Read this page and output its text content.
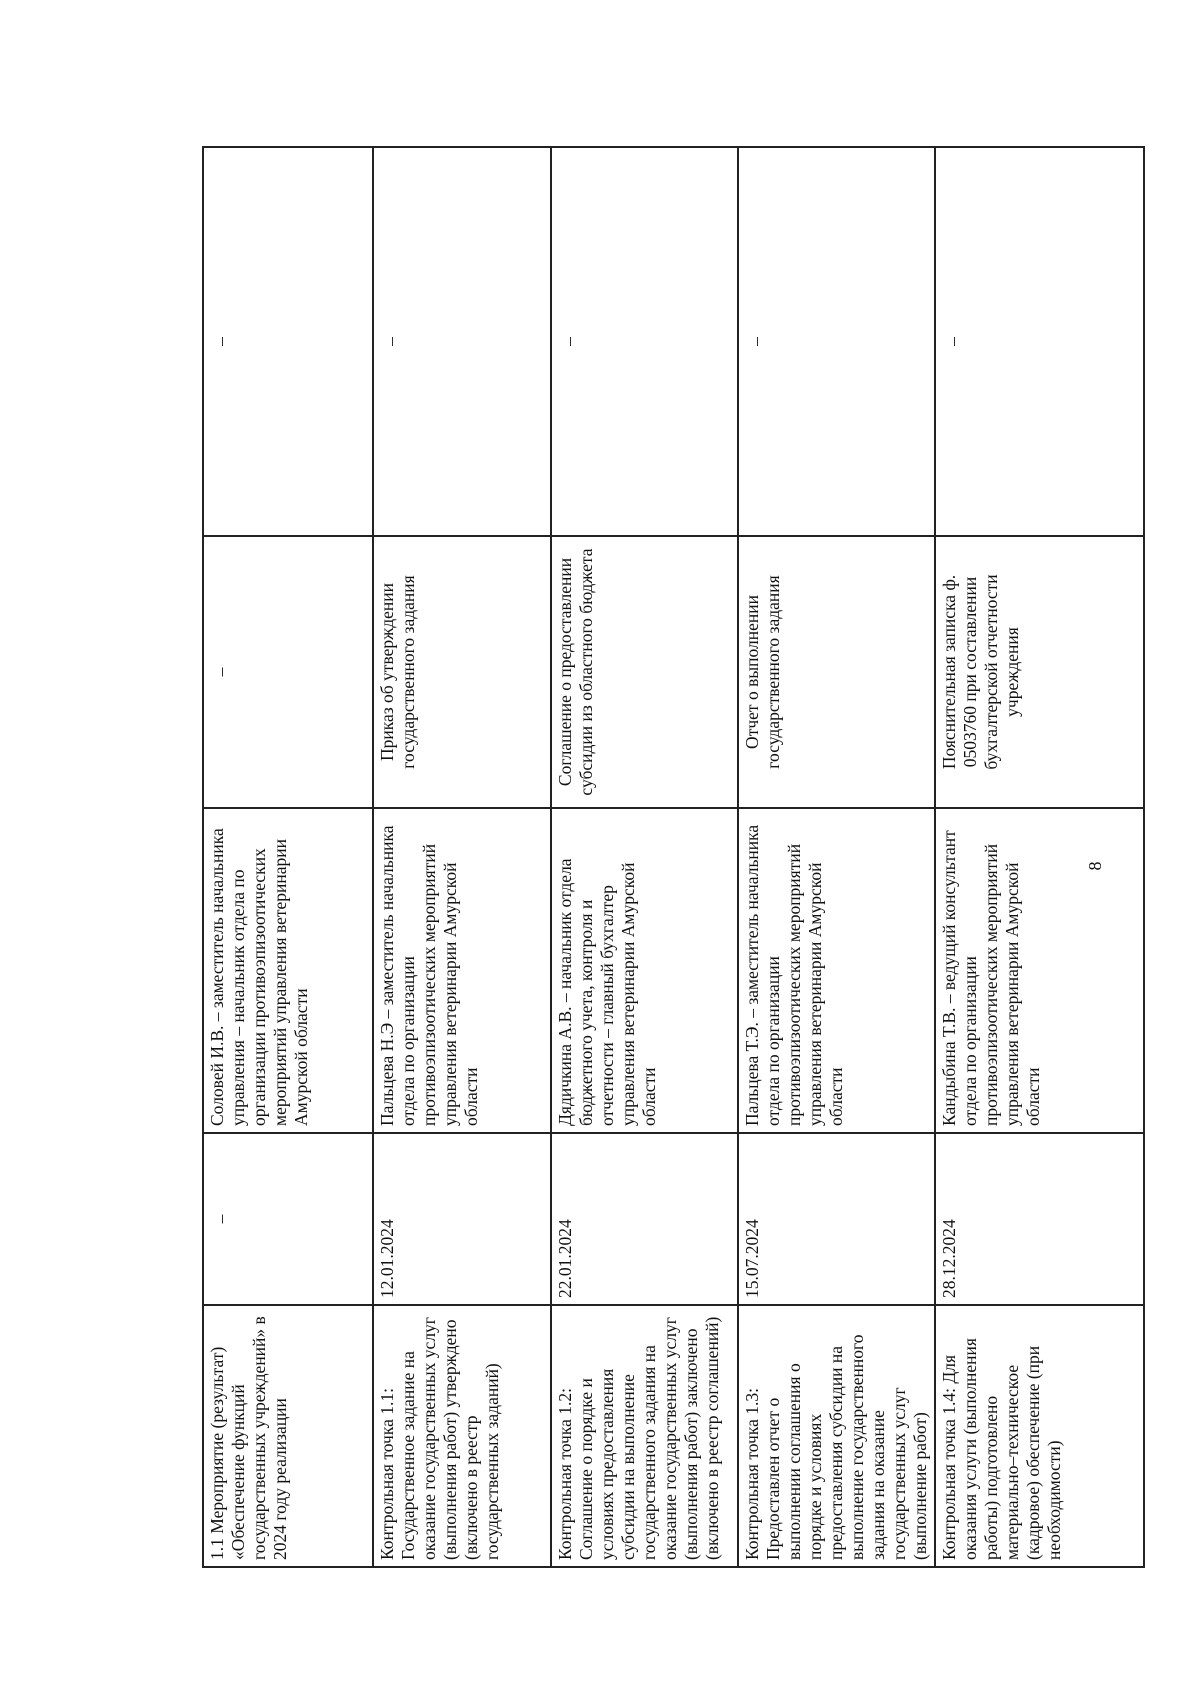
1.1 Мероприятие (результат) «Обеспечение функций государственных учреждений» в 2024 году реализации	–	Соловей И.В. – заместитель начальника управления – начальник отдела по организации противоэпизоотических мероприятий управления ветеринарии Амурской области	–	–

Контрольная точка 1.1: Государственное задание на оказание государственных услуг (выполнения работ) утверждено (включено в реестр государственных заданий)	12.01.2024	Пальцева Н.Э – заместитель начальника отдела по организации противоэпизоотических мероприятий управления ветеринарии Амурской области	Приказ об утверждении государственного задания	–

Контрольная точка 1.2: Соглашение о порядке и условиях предоставления субсидии на выполнение государственного задания на оказание государственных услуг (выполнения работ) заключено (включено в реестр соглашений)	22.01.2024	Дядичкина А.В. – начальник отдела бюджетного учета, контроля и отчетности – главный бухгалтер управления ветеринарии Амурской области	Соглашение о предоставлении субсидии из областного бюджета	–

Контрольная точка 1.3: Предоставлен отчет о выполнении соглашения о порядке и условиях предоставления субсидии на выполнение государственного задания на оказание государственных услуг (выполнение работ)	15.07.2024	Пальцева Т.Э. – заместитель начальника отдела по организации противоэпизоотических мероприятий управления ветеринарии Амурской области	Отчет о выполнении государственного задания	–

Контрольная точка 1.4: Для оказания услуги (выполнения работы) подготовлено материально–техническое (кадровое) обеспечение (при необходимости)	28.12.2024	Кандыбина Т.В. – ведущий консультант отдела по организации противоэпизоотических мероприятий управления ветеринарии Амурской области	Пояснительная записка ф. 0503760 при составлении бухгалтерской отчетности учреждения	–
8
